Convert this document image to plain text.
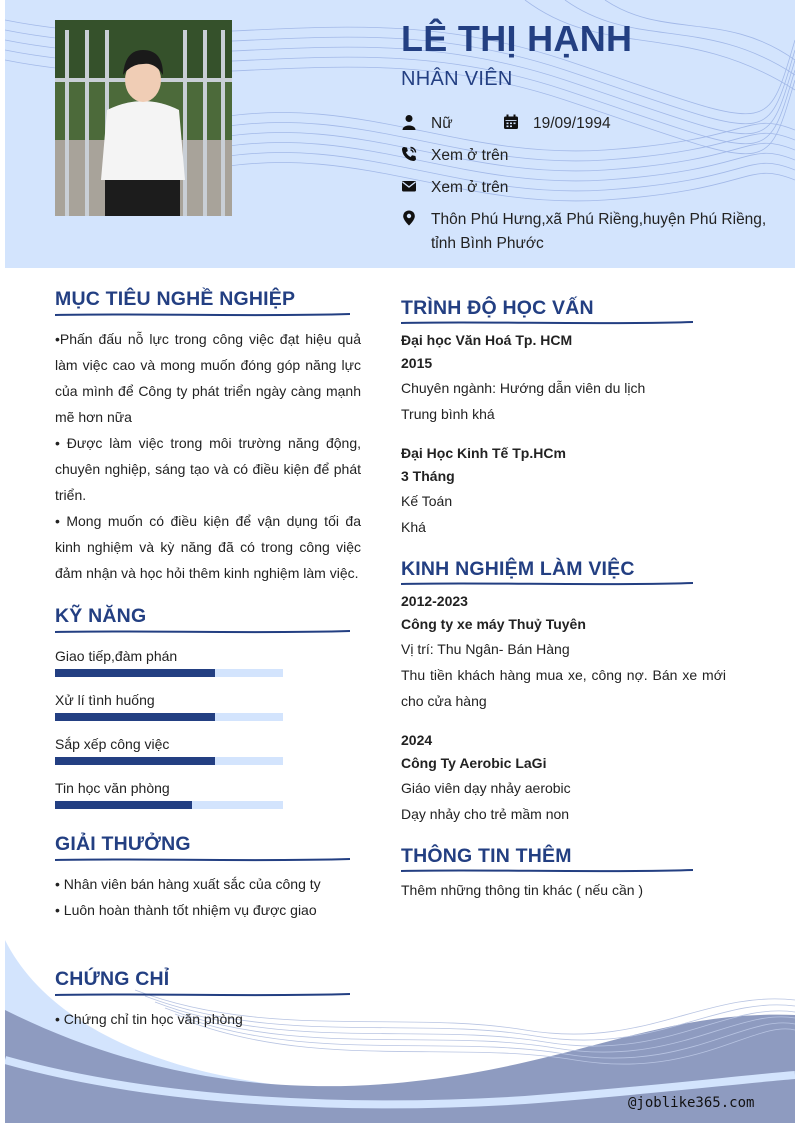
LÊ THỊ HẠNH
NHÂN VIÊN
Nữ	19/09/1994
Xem ở trên
Xem ở trên
Thôn Phú Hưng,xã Phú Riềng,huyện Phú Riềng, tỉnh Bình Phước
MỤC TIÊU NGHỀ NGHIỆP
•Phấn đấu nỗ lực trong công việc đạt hiệu quả làm việc cao và mong muốn đóng góp năng lực của mình để Công ty phát triển ngày càng mạnh mẽ hơn nữa
• Được làm việc trong môi trường năng động, chuyên nghiệp, sáng tạo và có điều kiện để phát triển.
• Mong muốn có điều kiện để vận dụng tối đa kinh nghiệm và kỳ năng đã có trong công việc đảm nhận và học hỏi thêm kinh nghiệm làm việc.
KỸ NĂNG
Giao tiếp,đàm phán
Xử lí tình huống
Sắp xếp công việc
Tin học văn phòng
GIẢI THƯỞNG
• Nhân viên bán hàng xuất sắc của công ty
• Luôn hoàn thành tốt nhiệm vụ được giao
CHỨNG CHỈ
• Chứng chỉ tin học văn phòng
TRÌNH ĐỘ HỌC VẤN
Đại học Văn Hoá Tp. HCM
2015
Chuyên ngành: Hướng dẫn viên du lịch
Trung bình khá
Đại Học Kinh Tế Tp.HCm
3 Tháng
Kế Toán
Khá
KINH NGHIỆM LÀM VIỆC
2012-2023
Công ty xe máy Thuỷ Tuyên
Vị trí: Thu Ngân- Bán Hàng
Thu tiền khách hàng mua xe, công nợ. Bán xe mới cho cửa hàng
2024
Công Ty Aerobic LaGi
Giáo viên dạy nhảy aerobic
Dạy nhảy cho trẻ mầm non
THÔNG TIN THÊM
Thêm những thông tin khác ( nếu cần )
@joblike365.com
